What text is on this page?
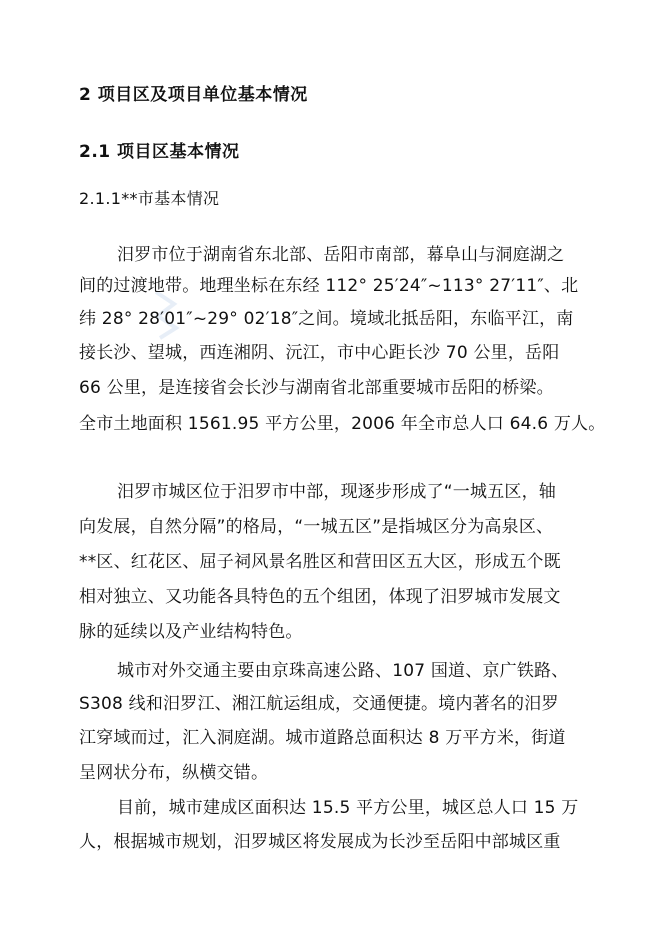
2 项目区及项目单位基本情况
2.1 项目区基本情况
2.1.1**市基本情况
汨罗市位于湖南省东北部、岳阳市南部，幕阜山与洞庭湖之
间的过渡地带。地理坐标在东经 112° 25′24″~113° 27′11″、北
纬 28° 28′01″~29° 02′18″之间。境域北抵岳阳，东临平江，南
接长沙、望城，西连湘阴、沅江，市中心距长沙 70 公里，岳阳
66 公里，是连接省会长沙与湖南省北部重要城市岳阳的桥梁。
全市土地面积 1561.95 平方公里，2006 年全市总人口 64.6 万人。
汨罗市城区位于汨罗市中部，现逐步形成了“一城五区，轴
向发展，自然分隔”的格局，“一城五区”是指城区分为高泉区、
**区、红花区、屈子祠风景名胜区和营田区五大区，形成五个既
相对独立、又功能各具特色的五个组团，体现了汨罗城市发展文
脉的延续以及产业结构特色。
城市对外交通主要由京珠高速公路、107 国道、京广铁路、
S308 线和汨罗江、湘江航运组成，交通便捷。境内著名的汨罗
江穿域而过，汇入洞庭湖。城市道路总面积达 8 万平方米，街道
呈网状分布，纵横交错。
目前，城市建成区面积达 15.5 平方公里，城区总人口 15 万
人，根据城市规划，汨罗城区将发展成为长沙至岳阳中部城区重
